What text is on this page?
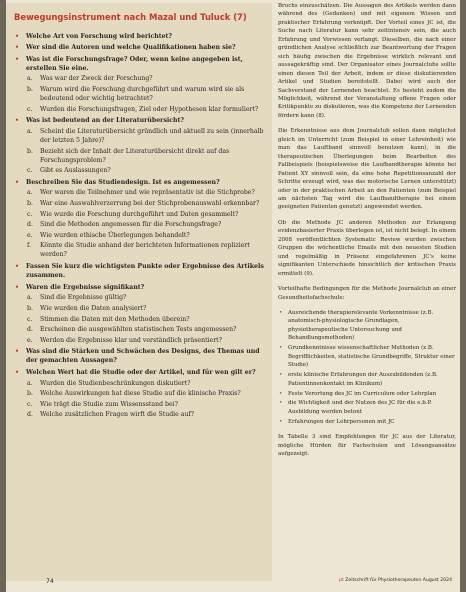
Bewegungsinstrument nach Mazal und Tuluck (7)
• Welche Art von Forschung wird berichtet?
• Wer sind die Autoren und welche Qualifikationen haben sie?
• Was ist die Forschungsfrage? Oder, wenn keine angegeben ist, erstellen Sie eine.
a. Was war der Zweck der Forschung?
b. Warum wird die Forschung durchgeführt und warum wird sie als bedeutend oder wichtig betrachtet?
c. Wurden die Forschungsfragen, Ziel oder Hypothesen klar formuliert?
• Was ist bedeutend an der Literaturübersicht?
a. Scheint die Literaturübersicht gründlich und aktuell zu sein (innerhalb der letzten 5 Jahre)?
b. Bezieht sich der Inhalt der Literaturübersicht direkt auf das Forschungsproblem?
c. Gibt es Auslassungen?
• Beschreiben Sie das Studiendesign. Ist es angemessen?
a. Wer waren die Teilnehmer und wie repräsentativ ist die Stichprobe?
b. War eine Auswahlverzerrung bei der Stichprobenauswahl erkennbar?
c. Wie wurde die Forschung durchgeführt und Daten gesammelt?
d. Sind die Methoden angemessen für die Forschungsfrage?
e. Wie wurden ethische Überlegungen behandelt?
f. Könnte die Studie anhand der berichteten Informationen repliziert werden?
• Fassen Sie kurz die wichtigsten Punkte oder Ergebnisse des Artikels zusammen.
• Waren die Ergebnisse signifikant?
a. Sind die Ergebnisse gültig?
b. Wie wurden die Daten analysiert?
c. Stimmen die Daten mit den Methoden überein?
d. Erscheinen die ausgewählten statistischen Tests angemessen?
e. Werden die Ergebnisse klar und verständlich präsentiert?
• Was sind die Stärken und Schwächen des Designs, des Themas und der gemachten Aussagen?
• Welchen Wert hat die Studie oder der Artikel, und für wen gilt er?
a. Wurden die Studienbeschränkungen diskutiert?
b. Welche Auswirkungen hat diese Studie auf die klinische Praxis?
c. Wie trägt die Studie zum Wissensstand bei?
d. Welche zusätzlichen Fragen wirft die Studie auf?

Bruchs einzuschätzen. Die Aussagen des Artikels werden dann während des (Gedanken) und mit eigenem Wissen und praktischer Erfahrung verknüpft. Der Vorteil eines JC ist, die Suche nach Literatur kann sehr zeitintensiv sein, die auch Erfahrung und Vorwissen verlangt. Dieselben, die nach einer gründlichen Analyse schließlich zur Beantwortung der Fragen sich häufig zwischen die Ergebnisse wirklich relevant und aussagekräftig sind. Der Organisator eines Journalclubs sollte einen diesen Teil der Arbeit, indem er diese diskutierenden Artikel und Studien bereitstellt. Dabei wird auch der Sachverstand der Lernenden beachtet. Es besteht zudem die Möglichkeit, während der Veranstaltung offene Fragen oder Kritikpunkte zu diskutieren, was die Kompetenz der Lernenden fördern kann (8).

Die Erkenntnisse aus dem Journalclub sollen dann möglichst gleich im Unterricht (zum Beispiel in einer Lehreinheit) wie man das Lauftband sinnvoll benutzen kann), in die therapeutischen Überlegungen beim Bearbeiten des Fallbeispiels (beispielsweise die Laufbandtherapie könnte bei Patient XY sinnvoll sein, da eine hohe Repetitionsanzahl der Schritte erzeugt wird, was das motorische Lernen unterstützt) oder in der praktischen Arbeit an den Patienten (zum Beispiel am nächsten Tag wird die Laufbandtherapie bei einem geeigneten Patienten genutzt) angewendet werden.

Ob die Methode JC anderen Methoden zur Erlangung evidenzbasierter Praxis überlegen ist, ist nicht belegt. In einem 2008 veröffentlichten Systematic Review wurden zwischen Gruppen die wöchentliche Emails mit den neuesten Studien und regelmäßig in Präsenz eingefahrenen JC's keine signifikanten Unterschiede hinsichtlich der kritischen Praxis ermittelt (9).

Vorteilhafte Bedingungen für die Methode Journalclub an einer Gesundheitsfachschule:

• Ausreichende therapierelevante Vorkenntnisse (z.B. anatomisch-physiologische Grundlagen, physiotherapeutische Untersuchung und Behandlungsmethoden)
• Grundkenntnisse wissenschaftlicher Methoden (z.B. Begrifflichkeiten, statistische Grundbegriffe, Struktur einer Studie)
• erste klinische Erfahrungen der Auszubildenden (z.B. Patientinnenkontakt im Klinikum)
• Feste Verortung des JC im Curriculum oder Lehrplan
• die Wichtigkeit und der Nutzen des JC für die e.b.P. Ausbildung werden betont
• Erfahrungen der Lehrpersonen mit JC

In Tabelle 3 sind Empfehlungen für JC aus der Literatur, mögliche Hürden für Fachschulen und Lösungsansätze aufgezeigt.

74	pt Zeitschrift für Physiotherapeuten August 2024
